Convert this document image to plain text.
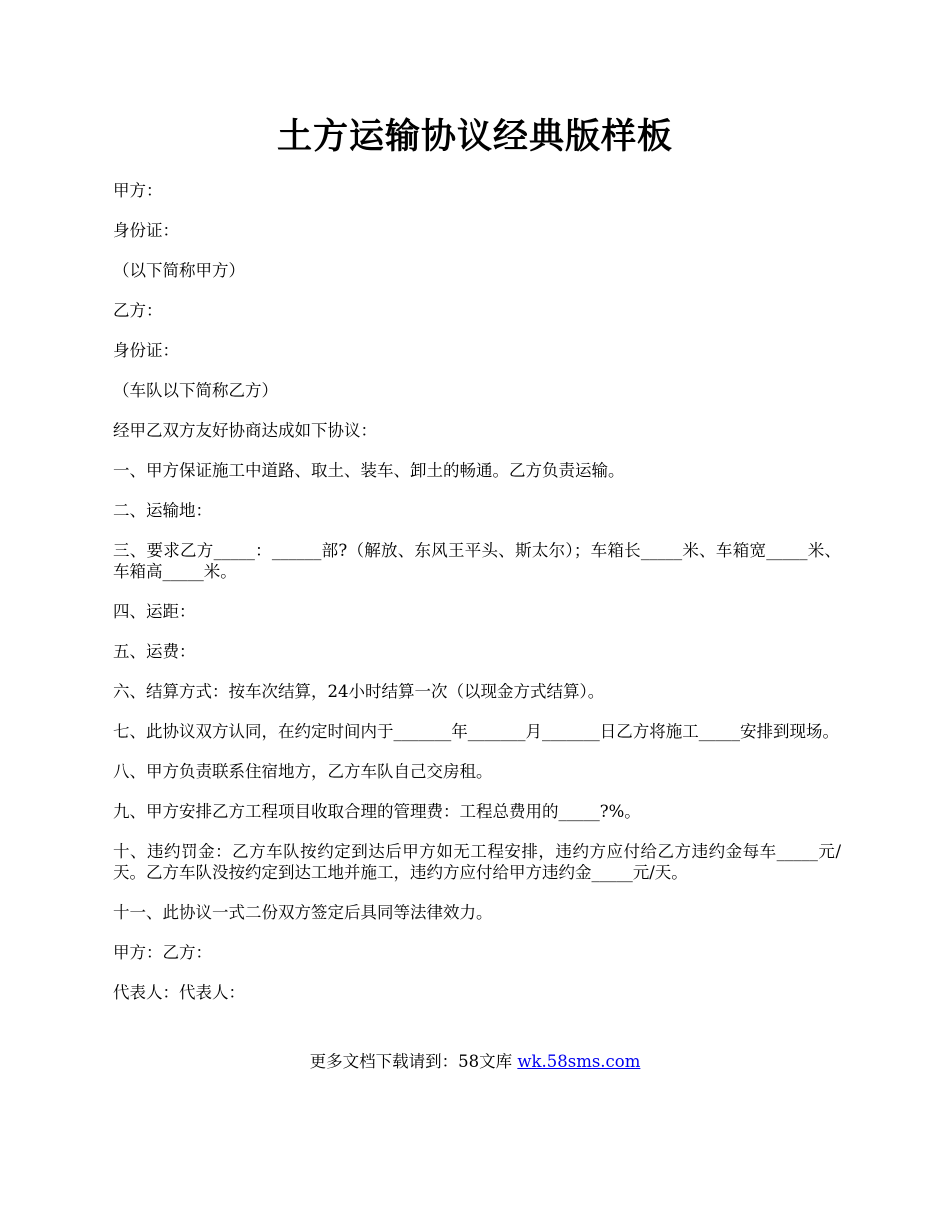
土方运输协议经典版样板

甲方：

身份证：

（以下简称甲方）

乙方：

身份证：

（车队以下简称乙方）

经甲乙双方友好协商达成如下协议：

一、甲方保证施工中道路、取土、装车、卸土的畅通。乙方负责运输。

二、运输地：

三、要求乙方_____：______部?（解放、东风王平头、斯太尔）；车箱长_____米、车箱宽_____米、车箱高_____米。

四、运距：

五、运费：

六、结算方式：按车次结算，24小时结算一次（以现金方式结算）。

七、此协议双方认同，在约定时间内于_______年_______月_______日乙方将施工_____安排到现场。

八、甲方负责联系住宿地方，乙方车队自己交房租。

九、甲方安排乙方工程项目收取合理的管理费：工程总费用的_____?%。

十、违约罚金：乙方车队按约定到达后甲方如无工程安排，违约方应付给乙方违约金每车_____元/天。乙方车队没按约定到达工地并施工，违约方应付给甲方违约金_____元/天。

十一、此协议一式二份双方签定后具同等法律效力。

甲方：乙方：

代表人：代表人：

更多文档下载请到：58文库 wk.58sms.com
